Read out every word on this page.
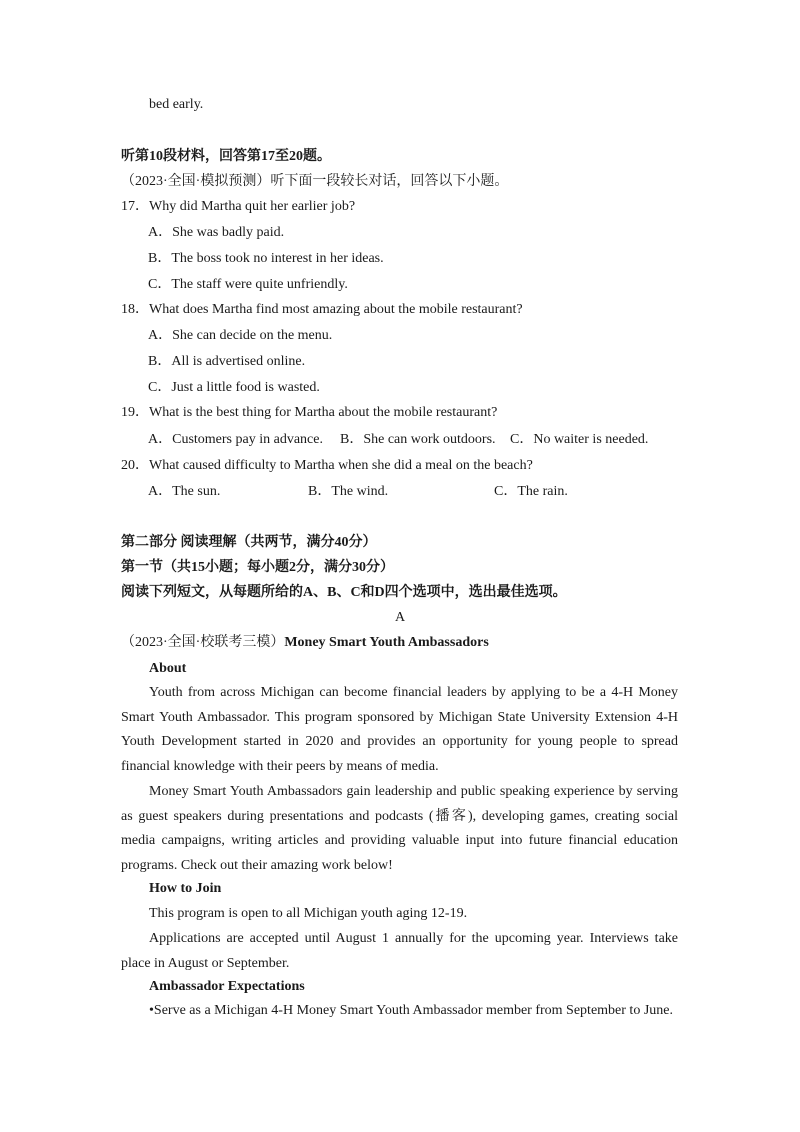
bed early.
听第10段材料，回答第17至20题。
（2023·全国·模拟预测）听下面一段较长对话，回答以下小题。
17．Why did Martha quit her earlier job?
A．She was badly paid.
B．The boss took no interest in her ideas.
C．The staff were quite unfriendly.
18．What does Martha find most amazing about the mobile restaurant?
A．She can decide on the menu.
B．All is advertised online.
C．Just a little food is wasted.
19．What is the best thing for Martha about the mobile restaurant?
A．Customers pay in advance. B．She can work outdoors. C．No waiter is needed.
20．What caused difficulty to Martha when she did a meal on the beach?
A．The sun.	B．The wind.	C．The rain.
第二部分 阅读理解（共两节，满分40分）
第一节（共15小题；每小题2分，满分30分）
阅读下列短文，从每题所给的A、B、C和D四个选项中，选出最佳选项。
A
（2023·全国·校联考三模）Money Smart Youth Ambassadors
About
Youth from across Michigan can become financial leaders by applying to be a 4-H Money Smart Youth Ambassador. This program sponsored by Michigan State University Extension 4-H Youth Development started in 2020 and provides an opportunity for young people to spread financial knowledge with their peers by means of media.
Money Smart Youth Ambassadors gain leadership and public speaking experience by serving as guest speakers during presentations and podcasts (播客), developing games, creating social media campaigns, writing articles and providing valuable input into future financial education programs. Check out their amazing work below!
How to Join
This program is open to all Michigan youth aging 12-19.
Applications are accepted until August 1 annually for the upcoming year. Interviews take place in August or September.
Ambassador Expectations
•Serve as a Michigan 4-H Money Smart Youth Ambassador member from September to June.
